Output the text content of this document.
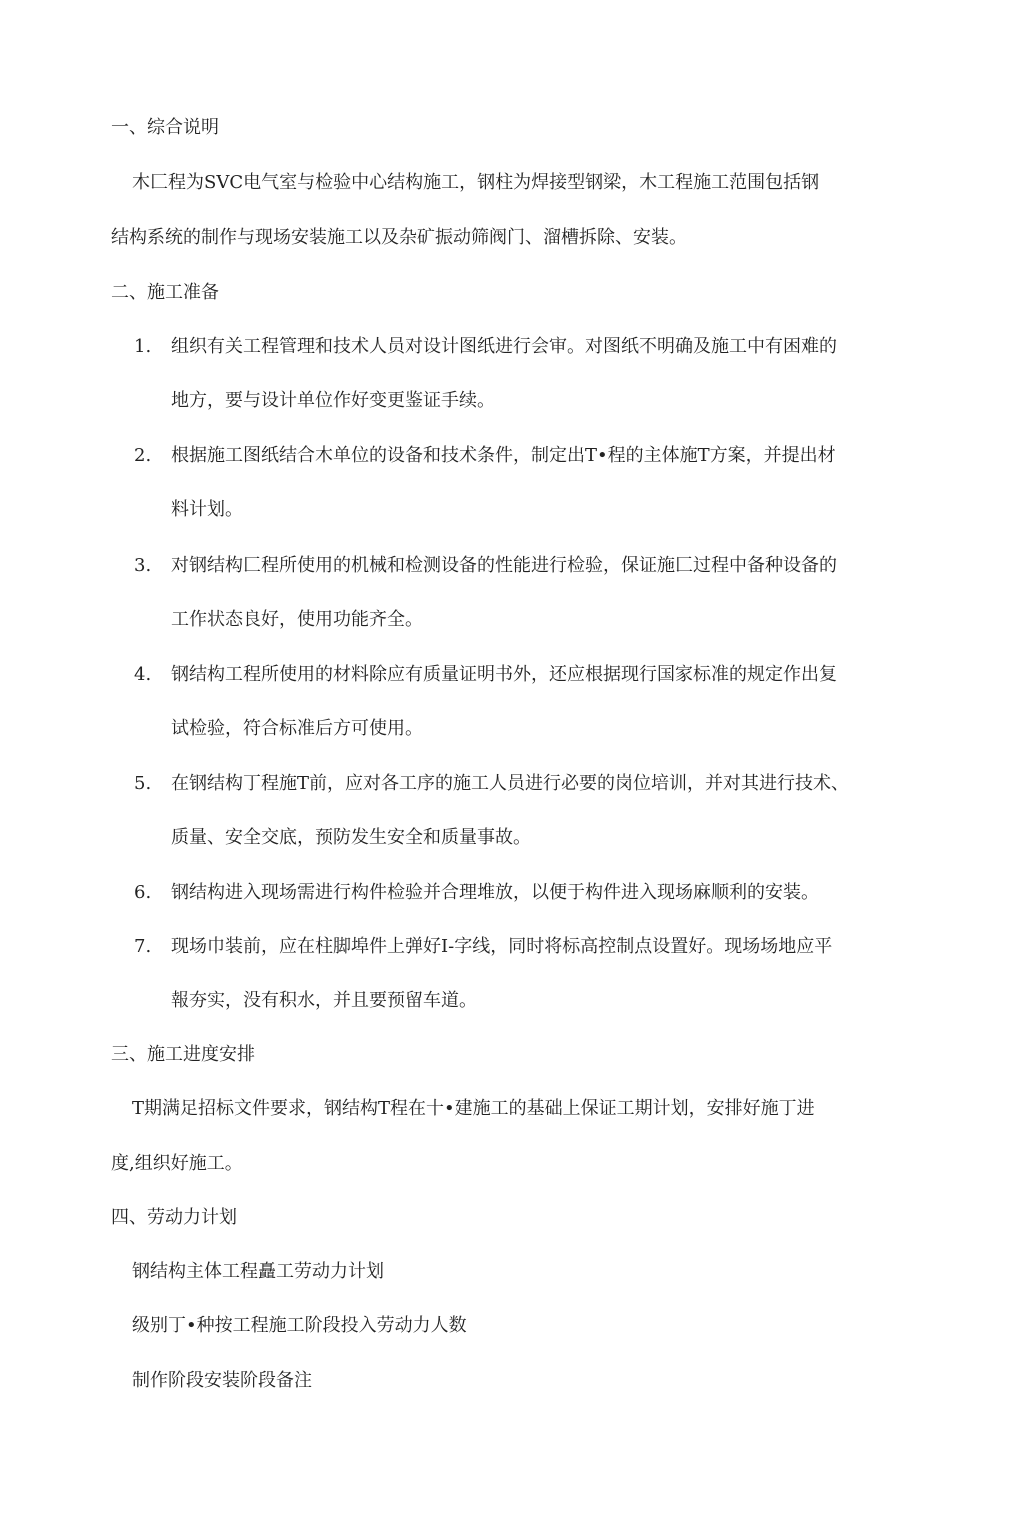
一、综合说明
木匚程为SVC电气室与检验中心结构施工，钢柱为焊接型钢梁，木工程施工范围包括钢
结构系统的制作与现场安装施工以及杂矿振动筛阀门、溜槽拆除、安装。
二、施工准备
1.	组织有关工程管理和技术人员对设计图纸进行会审。对图纸不明确及施工中有困难的
地方，要与设计单位作好变更鉴证手续。
2.	根据施工图纸结合木单位的设备和技术条件，制定出T•程的主体施T方案，并提出材
料计划。
3.	对钢结构匚程所使用的机械和检测设备的性能进行检验，保证施匚过程中备种设备的
工作状态良好，使用功能齐全。
4.	钢结构工程所使用的材料除应有质量证明书外，还应根据现行国家标准的规定作出复
试检验，符合标准后方可使用。
5.	在钢结构丁程施T前，应对各工序的施工人员进行必要的岗位培训，并对其进行技术、
质量、安全交底，预防发生安全和质量事故。
6.	钢结构进入现场需进行构件检验并合理堆放，以便于构件进入现场麻顺利的安装。
7.	现场巾装前，应在柱脚埠件上弹好I-字线，同时将标高控制点设置好。现场场地应平
報夯实，没有积水，并且要预留车道。
三、施工进度安排
T期满足招标文件要求，钢结构T程在十•建施工的基础上保证工期计划，安排好施丁进
度,组织好施工。
四、劳动力计划
钢结构主体工程矗工劳动力计划
级别丁•种按工程施工阶段投入劳动力人数
制作阶段安装阶段备注
